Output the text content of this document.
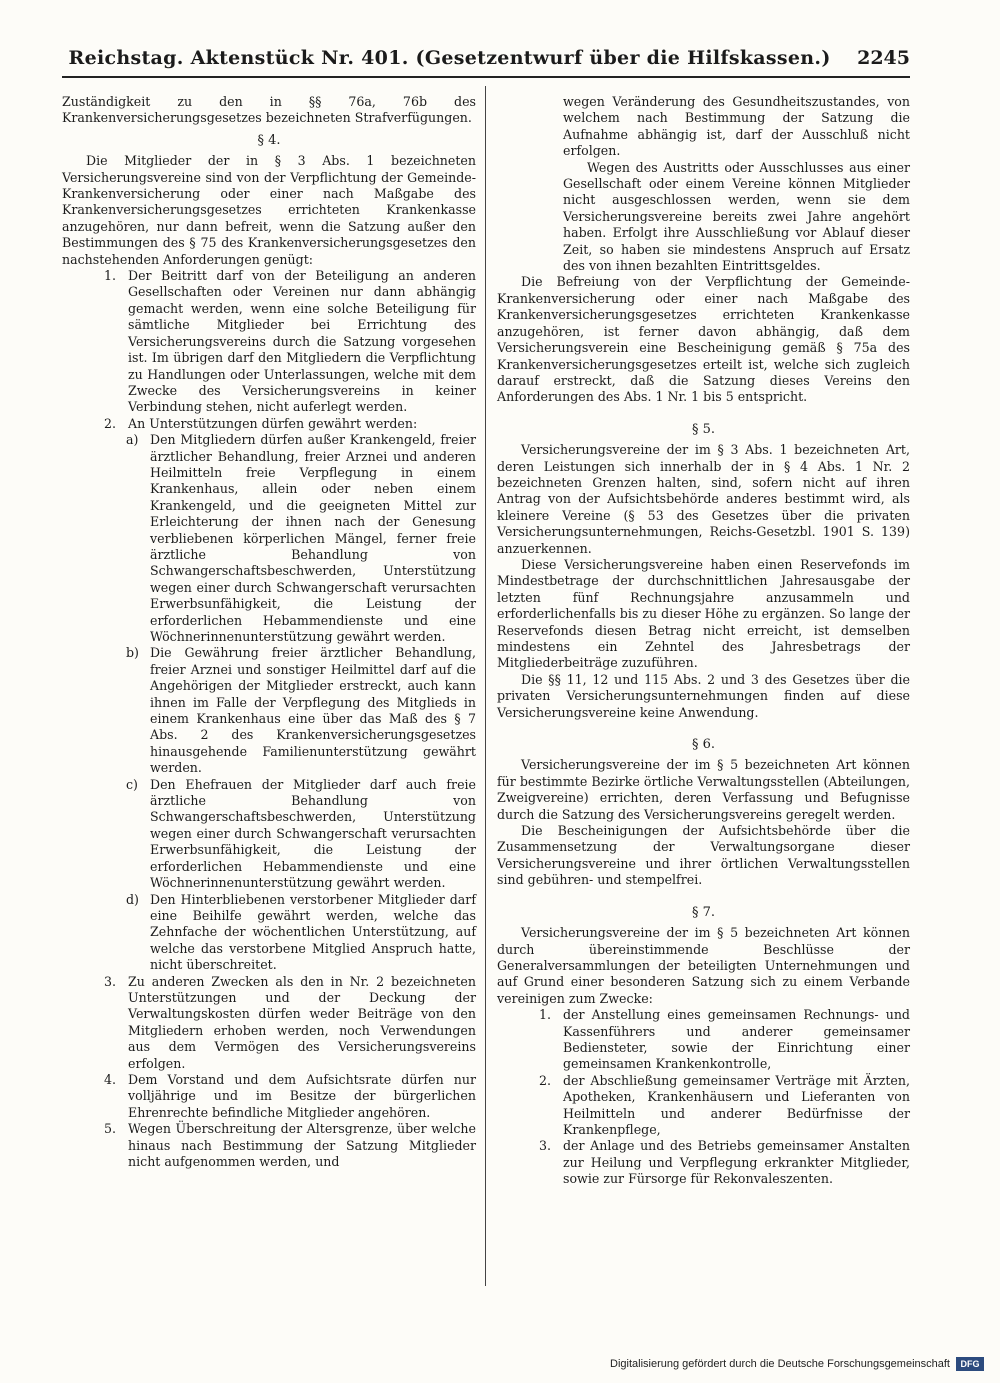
Reichstag. Aktenstück Nr. 401. (Gesetzentwurf über die Hilfskassen.)	2245

Zuständigkeit zu den in §§ 76a, 76b des Krankenversicherungsgesetzes bezeichneten Strafverfügungen.

§ 4.

Die Mitglieder der in § 3 Abs. 1 bezeichneten Versicherungsvereine sind von der Verpflichtung der Gemeinde-Krankenversicherung oder einer nach Maßgabe des Krankenversicherungsgesetzes errichteten Krankenkasse anzugehören, nur dann befreit, wenn die Satzung außer den Bestimmungen des § 75 des Krankenversicherungsgesetzes den nachstehenden Anforderungen genügt:

1. Der Beitritt darf von der Beteiligung an anderen Gesellschaften oder Vereinen nur dann abhängig gemacht werden, wenn eine solche Beteiligung für sämtliche Mitglieder bei Errichtung des Versicherungsvereins durch die Satzung vorgesehen ist. Im übrigen darf den Mitgliedern die Verpflichtung zu Handlungen oder Unterlassungen, welche mit dem Zwecke des Versicherungsvereins in keiner Verbindung stehen, nicht auferlegt werden.

2. An Unterstützungen dürfen gewährt werden:

a) Den Mitgliedern dürfen außer Krankengeld, freier ärztlicher Behandlung, freier Arznei und anderen Heilmitteln freie Verpflegung in einem Krankenhaus, allein oder neben einem Krankengeld, und die geeigneten Mittel zur Erleichterung der ihnen nach der Genesung verbliebenen körperlichen Mängel, ferner freie ärztliche Behandlung von Schwangerschaftsbeschwerden, Unterstützung wegen einer durch Schwangerschaft verursachten Erwerbsunfähigkeit, die Leistung der erforderlichen Hebammendienste und eine Wöchnerinnenunterstützung gewährt werden.

b) Die Gewährung freier ärztlicher Behandlung, freier Arznei und sonstiger Heilmittel darf auf die Angehörigen der Mitglieder erstreckt, auch kann ihnen im Falle der Verpflegung des Mitglieds in einem Krankenhaus eine über das Maß des § 7 Abs. 2 des Krankenversicherungsgesetzes hinausgehende Familienunterstützung gewährt werden.

c) Den Ehefrauen der Mitglieder darf auch freie ärztliche Behandlung von Schwangerschaftsbeschwerden, Unterstützung wegen einer durch Schwangerschaft verursachten Erwerbsunfähigkeit, die Leistung der erforderlichen Hebammendienste und eine Wöchnerinnenunterstützung gewährt werden.

d) Den Hinterbliebenen verstorbener Mitglieder darf eine Beihilfe gewährt werden, welche das Zehnfache der wöchentlichen Unterstützung, auf welche das verstorbene Mitglied Anspruch hatte, nicht überschreitet.

3. Zu anderen Zwecken als den in Nr. 2 bezeichneten Unterstützungen und der Deckung der Verwaltungskosten dürfen weder Beiträge von den Mitgliedern erhoben werden, noch Verwendungen aus dem Vermögen des Versicherungsvereins erfolgen.

4. Dem Vorstand und dem Aufsichtsrate dürfen nur volljährige und im Besitze der bürgerlichen Ehrenrechte befindliche Mitglieder angehören.

5. Wegen Überschreitung der Altersgrenze, über welche hinaus nach Bestimmung der Satzung Mitglieder nicht aufgenommen werden, und

wegen Veränderung des Gesundheitszustandes, von welchem nach Bestimmung der Satzung die Aufnahme abhängig ist, darf der Ausschluß nicht erfolgen.

Wegen des Austritts oder Ausschlusses aus einer Gesellschaft oder einem Vereine können Mitglieder nicht ausgeschlossen werden, wenn sie dem Versicherungsvereine bereits zwei Jahre angehört haben. Erfolgt ihre Ausschließung vor Ablauf dieser Zeit, so haben sie mindestens Anspruch auf Ersatz des von ihnen bezahlten Eintrittsgeldes.

Die Befreiung von der Verpflichtung der Gemeinde-Krankenversicherung oder einer nach Maßgabe des Krankenversicherungsgesetzes errichteten Krankenkasse anzugehören, ist ferner davon abhängig, daß dem Versicherungsverein eine Bescheinigung gemäß § 75a des Krankenversicherungsgesetzes erteilt ist, welche sich zugleich darauf erstreckt, daß die Satzung dieses Vereins den Anforderungen des Abs. 1 Nr. 1 bis 5 entspricht.

§ 5.

Versicherungsvereine der im § 3 Abs. 1 bezeichneten Art, deren Leistungen sich innerhalb der in § 4 Abs. 1 Nr. 2 bezeichneten Grenzen halten, sind, sofern nicht auf ihren Antrag von der Aufsichtsbehörde anderes bestimmt wird, als kleinere Vereine (§ 53 des Gesetzes über die privaten Versicherungsunternehmungen, Reichs-Gesetzbl. 1901 S. 139) anzuerkennen.

Diese Versicherungsvereine haben einen Reservefonds im Mindestbetrage der durchschnittlichen Jahresausgabe der letzten fünf Rechnungsjahre anzusammeln und erforderlichenfalls bis zu dieser Höhe zu ergänzen. So lange der Reservefonds diesen Betrag nicht erreicht, ist demselben mindestens ein Zehntel des Jahresbetrags der Mitgliederbeiträge zuzuführen.

Die §§ 11, 12 und 115 Abs. 2 und 3 des Gesetzes über die privaten Versicherungsunternehmungen finden auf diese Versicherungsvereine keine Anwendung.

§ 6.

Versicherungsvereine der im § 5 bezeichneten Art können für bestimmte Bezirke örtliche Verwaltungsstellen (Abteilungen, Zweigvereine) errichten, deren Verfassung und Befugnisse durch die Satzung des Versicherungsvereins geregelt werden.

Die Bescheinigungen der Aufsichtsbehörde über die Zusammensetzung der Verwaltungsorgane dieser Versicherungsvereine und ihrer örtlichen Verwaltungsstellen sind gebühren- und stempelfrei.

§ 7.

Versicherungsvereine der im § 5 bezeichneten Art können durch übereinstimmende Beschlüsse der Generalversammlungen der beteiligten Unternehmungen und auf Grund einer besonderen Satzung sich zu einem Verbande vereinigen zum Zwecke:

1. der Anstellung eines gemeinsamen Rechnungs- und Kassenführers und anderer gemeinsamer Bediensteter, sowie der Einrichtung einer gemeinsamen Krankenkontrolle,

2. der Abschließung gemeinsamer Verträge mit Ärzten, Apotheken, Krankenhäusern und Lieferanten von Heilmitteln und anderer Bedürfnisse der Krankenpflege,

3. der Anlage und des Betriebs gemeinsamer Anstalten zur Heilung und Verpflegung erkrankter Mitglieder, sowie zur Fürsorge für Rekonvaleszenten.

Digitalisierung gefördert durch die Deutsche Forschungsgemeinschaft	DFG
